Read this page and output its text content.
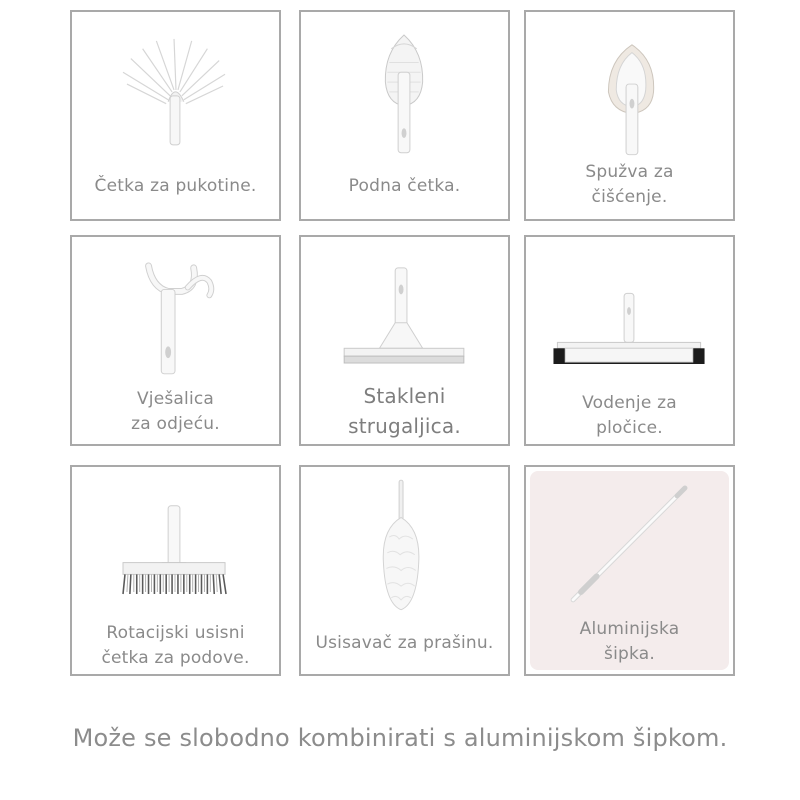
Četka za pukotine.	Podna četka.
Spužva za
čišćenje.
Vješalica
za odjeću.
Stakleni
strugaljica.
Vodenje za
pločice.
Rotacijski usisni
četka za podove.
Usisavač za prašinu.
Aluminijska
šipka.
Može se slobodno kombinirati s aluminijskom šipkom.
